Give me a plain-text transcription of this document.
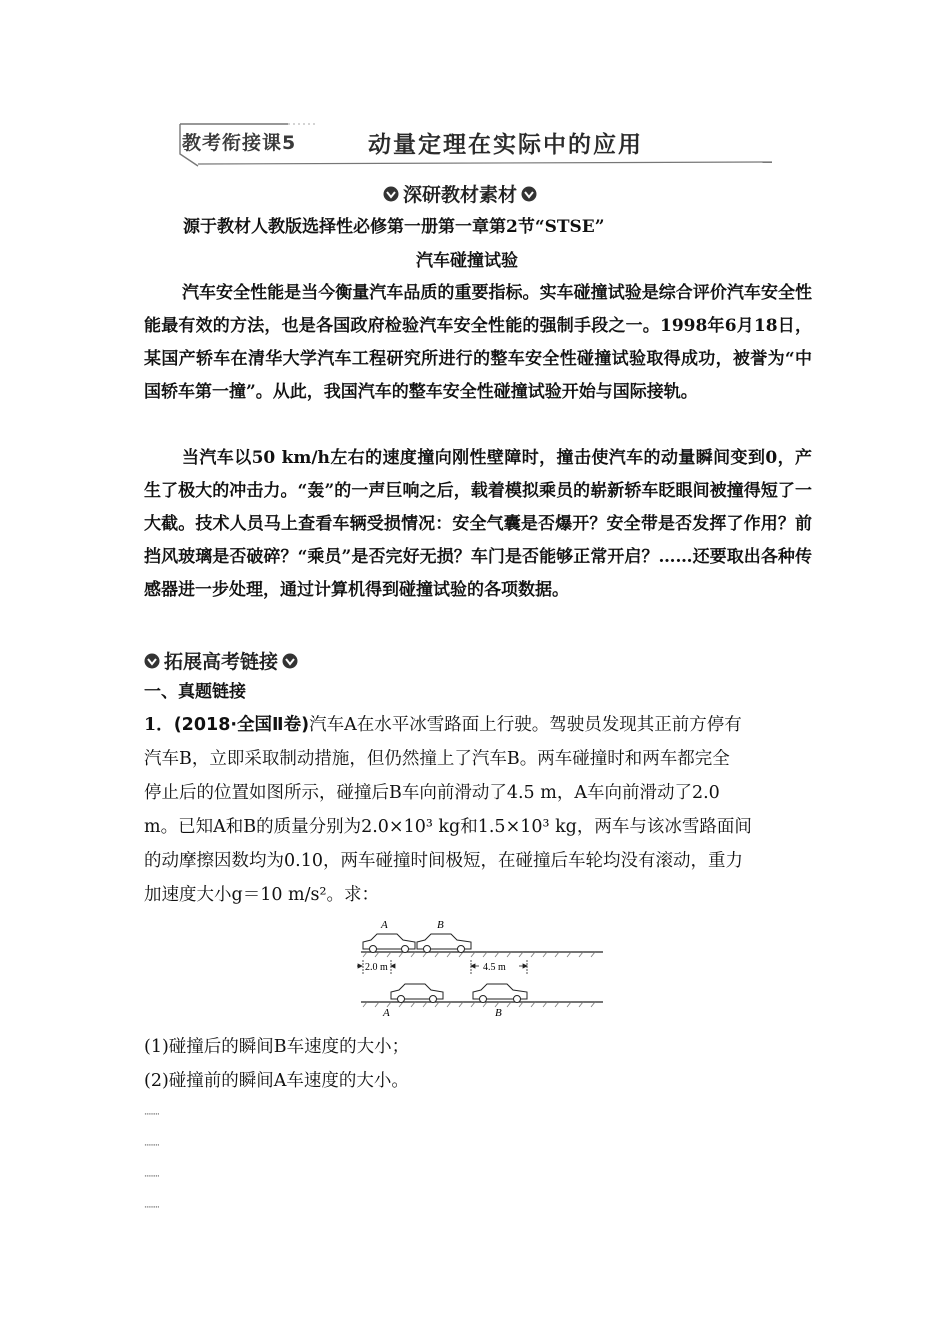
教考衔接课5	动量定理在实际中的应用
深研教材素材
源于教材人教版选择性必修第一册第一章第2节“STSE”
汽车碰撞试验
汽车安全性能是当今衡量汽车品质的重要指标。实车碰撞试验是综合评价汽车安全性能最有效的方法，也是各国政府检验汽车安全性能的强制手段之一。1998年6月18日，某国产轿车在清华大学汽车工程研究所进行的整车安全性碰撞试验取得成功，被誉为“中国轿车第一撞”。从此，我国汽车的整车安全性碰撞试验开始与国际接轨。
当汽车以50 km/h左右的速度撞向刚性壁障时，撞击使汽车的动量瞬间变到0，产生了极大的冲击力。“轰”的一声巨响之后，载着模拟乘员的崭新轿车眨眼间被撞得短了一大截。技术人员马上查看车辆受损情况：安全气囊是否爆开？安全带是否发挥了作用？前挡风玻璃是否破碎？“乘员”是否完好无损？车门是否能够正常开启？……还要取出各种传感器进一步处理，通过计算机得到碰撞试验的各项数据。
拓展高考链接
一、真题链接
1．(2018·全国Ⅱ卷)汽车A在水平冰雪路面上行驶。驾驶员发现其正前方停有
汽车B，立即采取制动措施，但仍然撞上了汽车B。两车碰撞时和两车都完全
停止后的位置如图所示，碰撞后B车向前滑动了4.5 m，A车向前滑动了2.0
m。已知A和B的质量分别为2.0×10³ kg和1.5×10³ kg，两车与该冰雪路面间
的动摩擦因数均为0.10，两车碰撞时间极短，在碰撞后车轮均没有滚动，重力
加速度大小g＝10 m/s²。求：
A	B
2.0 m	4.5 m
A	B
(1)碰撞后的瞬间B车速度的大小；
(2)碰撞前的瞬间A车速度的大小。
········
········
········
········
